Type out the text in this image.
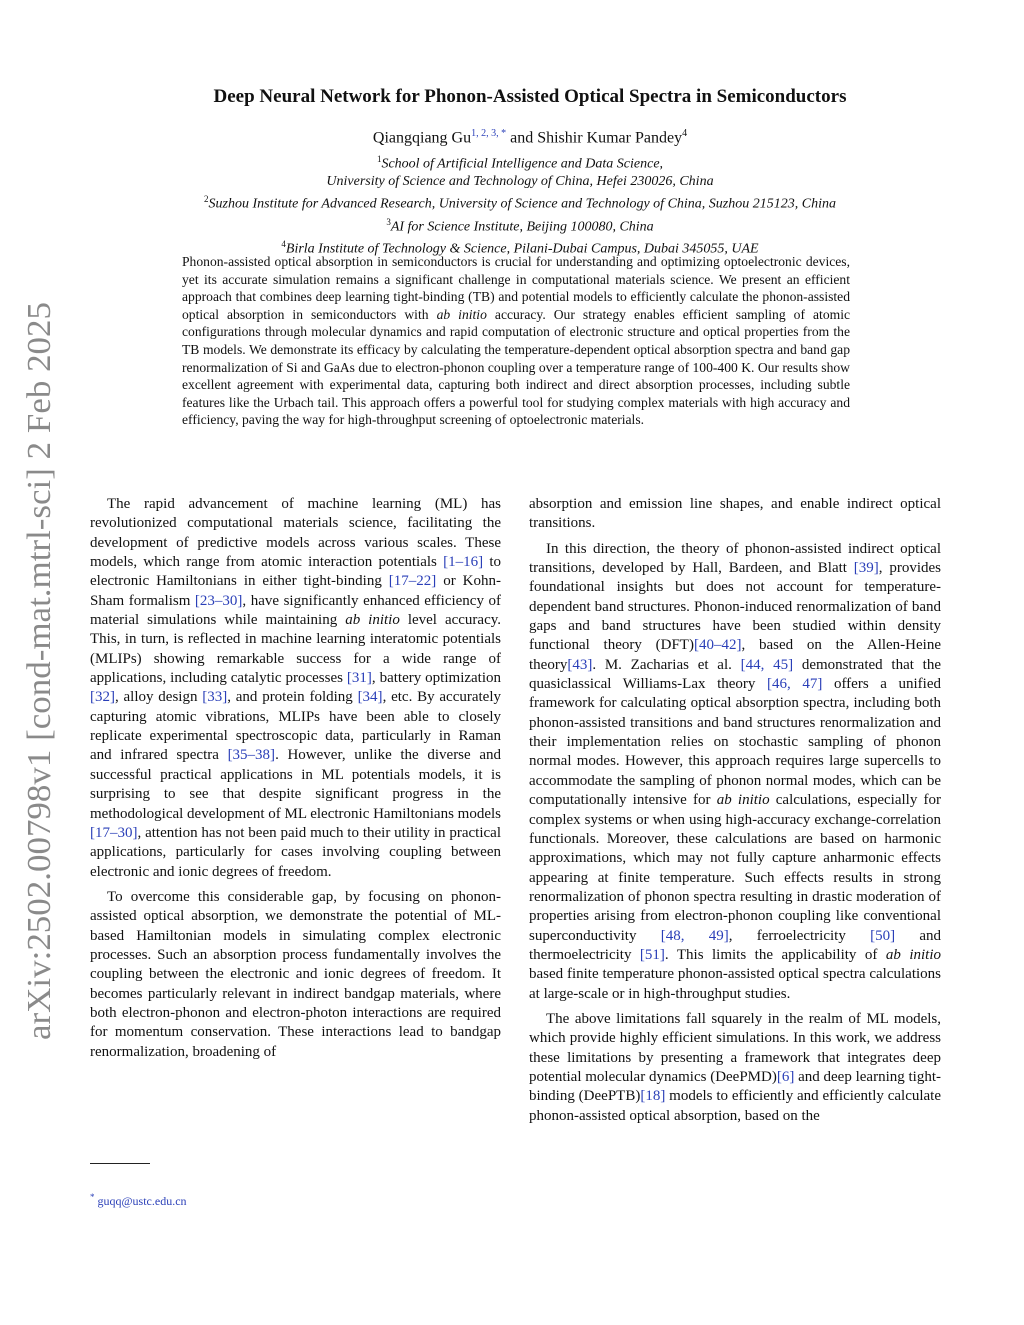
arXiv:2502.00798v1 [cond-mat.mtrl-sci] 2 Feb 2025
Deep Neural Network for Phonon-Assisted Optical Spectra in Semiconductors
Qiangqiang $Gu^{1, 2, 3, *}$ and Shishir Kumar Pandey$^4$
$^1$School of Artificial Intelligence and Data Science,
University of Science and Technology of China, Hefei 230026, China
$^2$Suzhou Institute for Advanced Research, University of Science and Technology of China, Suzhou 215123, China
$^3$AI for Science Institute, Beijing 100080, China
$^4$Birla Institute of Technology & Science, Pilani-Dubai Campus, Dubai 345055, UAE
Phonon-assisted optical absorption in semiconductors is crucial for understanding and optimizing optoelectronic devices, yet its accurate simulation remains a significant challenge in computational materials science. We present an efficient approach that combines deep learning tight-binding (TB) and potential models to efficiently calculate the phonon-assisted optical absorption in semiconductors with ab initio accuracy. Our strategy enables efficient sampling of atomic configurations through molecular dynamics and rapid computation of electronic structure and optical properties from the TB models. We demonstrate its efficacy by calculating the temperature-dependent optical absorption spectra and band gap renormalization of Si and GaAs due to electron-phonon coupling over a temperature range of 100-400 K. Our results show excellent agreement with experimental data, capturing both indirect and direct absorption processes, including subtle features like the Urbach tail. This approach offers a powerful tool for studying complex materials with high accuracy and efficiency, paving the way for high-throughput screening of optoelectronic materials.

The rapid advancement of machine learning (ML) has revolutionized computational materials science, facilitating the development of predictive models across various scales. These models, which range from atomic interaction potentials [1–16] to electronic Hamiltonians in either tight-binding [17–22] or Kohn-Sham formalism [23–30], have significantly enhanced efficiency of material simulations while maintaining ab initio level accuracy. This, in turn, is reflected in machine learning interatomic potentials (MLIPs) showing remarkable success for a wide range of applications, including catalytic processes [31], battery optimization [32], alloy design [33], and protein folding [34], etc. By accurately capturing atomic vibrations, MLIPs have been able to closely replicate experimental spectroscopic data, particularly in Raman and infrared spectra [35–38]. However, unlike the diverse and successful practical applications in ML potentials models, it is surprising to see that despite significant progress in the methodological development of ML electronic Hamiltonians models [17–30], attention has not been paid much to their utility in practical applications, particularly for cases involving coupling between electronic and ionic degrees of freedom.

To overcome this considerable gap, by focusing on phonon-assisted optical absorption, we demonstrate the potential of ML-based Hamiltonian models in simulating complex electronic processes. Such an absorption process fundamentally involves the coupling between the electronic and ionic degrees of freedom. It becomes particularly relevant in indirect bandgap materials, where both electron-phonon and electron-photon interactions are required for momentum conservation. These interactions lead to bandgap renormalization, broadening of

absorption and emission line shapes, and enable indirect optical transitions.

In this direction, the theory of phonon-assisted indirect optical transitions, developed by Hall, Bardeen, and Blatt [39], provides foundational insights but does not account for temperature-dependent band structures. Phonon-induced renormalization of band gaps and band structures have been studied within density functional theory (DFT)[40–42], based on the Allen-Heine theory[43]. M. Zacharias et al. [44, 45] demonstrated that the quasiclassical Williams-Lax theory [46, 47] offers a unified framework for calculating optical absorption spectra, including both phonon-assisted transitions and band structures renormalization and their implementation relies on stochastic sampling of phonon normal modes. However, this approach requires large supercells to accommodate the sampling of phonon normal modes, which can be computationally intensive for ab initio calculations, especially for complex systems or when using high-accuracy exchange-correlation functionals. Moreover, these calculations are based on harmonic approximations, which may not fully capture anharmonic effects appearing at finite temperature. Such effects results in strong renormalization of phonon spectra resulting in drastic moderation of properties arising from electron-phonon coupling like conventional superconductivity [48, 49], ferroelectricity [50] and thermoelectricity [51]. This limits the applicability of ab initio based finite temperature phonon-assisted optical spectra calculations at large-scale or in high-throughput studies.

The above limitations fall squarely in the realm of ML models, which provide highly efficient simulations. In this work, we address these limitations by presenting a framework that integrates deep potential molecular dynamics (DeePMD)[6] and deep learning tight-binding (DeePTB)[18] models to efficiently and efficiently calculate phonon-assisted optical absorption, based on the

* guqq@ustc.edu.cn
